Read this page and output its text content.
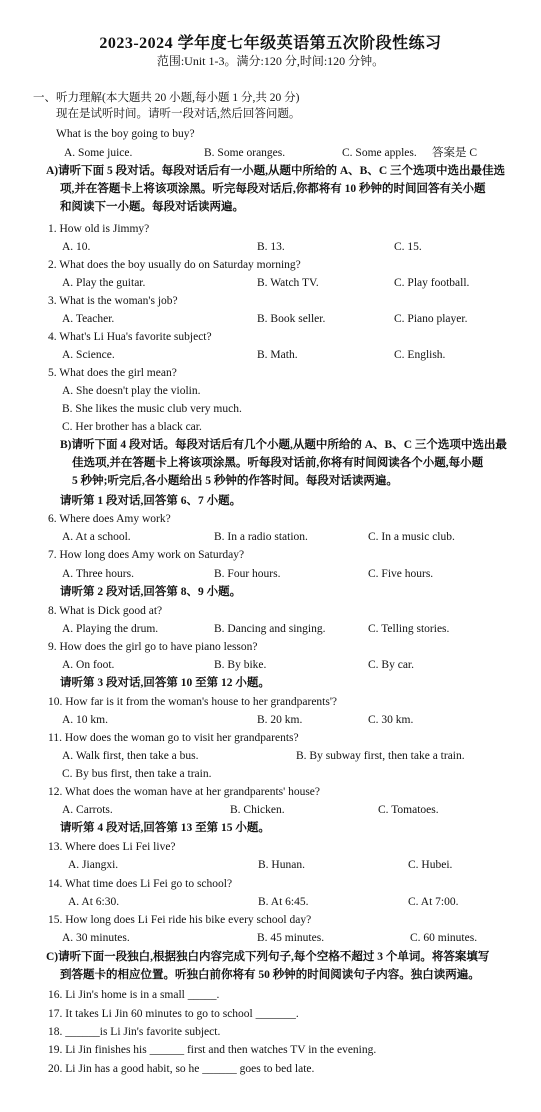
2023-2024 学年度七年级英语第五次阶段性练习
范围:Unit 1-3。满分:120 分,时间:120 分钟。
一、听力理解(本大题共 20 小题,每小题 1 分,共 20 分)
现在是试听时间。请听一段对话,然后回答问题。
What is the boy going to buy?
A. Some juice.	B. Some oranges.	C. Some apples. 答案是 C
A)请听下面 5 段对话。每段对话后有一小题,从题中所给的 A、B、C 三个选项中选出最佳选
项,并在答题卡上将该项涂黑。听完每段对话后,你都将有 10 秒钟的时间回答有关小题
和阅读下一小题。每段对话读两遍。
1. How old is Jimmy?
A. 10.	B. 13.	C. 15.
2. What does the boy usually do on Saturday morning?
A. Play the guitar.	B. Watch TV.	C. Play football.
3. What is the woman's job?
A. Teacher.	B. Book seller.	C. Piano player.
4. What's Li Hua's favorite subject?
A. Science.	B. Math.	C. English.
5. What does the girl mean?
A. She doesn't play the violin.
B. She likes the music club very much.
C. Her brother has a black car.
B)请听下面 4 段对话。每段对话后有几个小题,从题中所给的 A、B、C 三个选项中选出最
佳选项,并在答题卡上将该项涂黑。听每段对话前,你将有时间阅读各个小题,每小题
5 秒钟;听完后,各小题给出 5 秒钟的作答时间。每段对话读两遍。
请听第 1 段对话,回答第 6、7 小题。
6. Where does Amy work?
A. At a school.	B. In a radio station.	C. In a music club.
7. How long does Amy work on Saturday?
A. Three hours.	B. Four hours.	C. Five hours.
请听第 2 段对话,回答第 8、9 小题。
8. What is Dick good at?
A. Playing the drum.	B. Dancing and singing.	C. Telling stories.
9. How does the girl go to have piano lesson?
A. On foot.	B. By bike.	C. By car.
请听第 3 段对话,回答第 10 至第 12 小题。
10. How far is it from the woman's house to her grandparents'?
A. 10 km.	B. 20 km.	C. 30 km.
11. How does the woman go to visit her grandparents?
A. Walk first, then take a bus.	B. By subway first, then take a train.
C. By bus first, then take a train.
12. What does the woman have at her grandparents' house?
A. Carrots.	B. Chicken.	C. Tomatoes.
请听第 4 段对话,回答第 13 至第 15 小题。
13. Where does Li Fei live?
A. Jiangxi.	B. Hunan.	C. Hubei.
14. What time does Li Fei go to school?
A. At 6:30.	B. At 6:45.	C. At 7:00.
15. How long does Li Fei ride his bike every school day?
A. 30 minutes.	B. 45 minutes.	C. 60 minutes.
C)请听下面一段独白,根据独白内容完成下列句子,每个空格不超过 3 个单词。将答案填写
到答题卡的相应位置。听独白前你将有 50 秒钟的时间阅读句子内容。独白读两遍。
16. Li Jin's home is in a small _____.
17. It takes Li Jin 60 minutes to go to school _______.
18. ______is Li Jin's favorite subject.
19. Li Jin finishes his ______ first and then watches TV in the evening.
20. Li Jin has a good habit, so he ______ goes to bed late.
